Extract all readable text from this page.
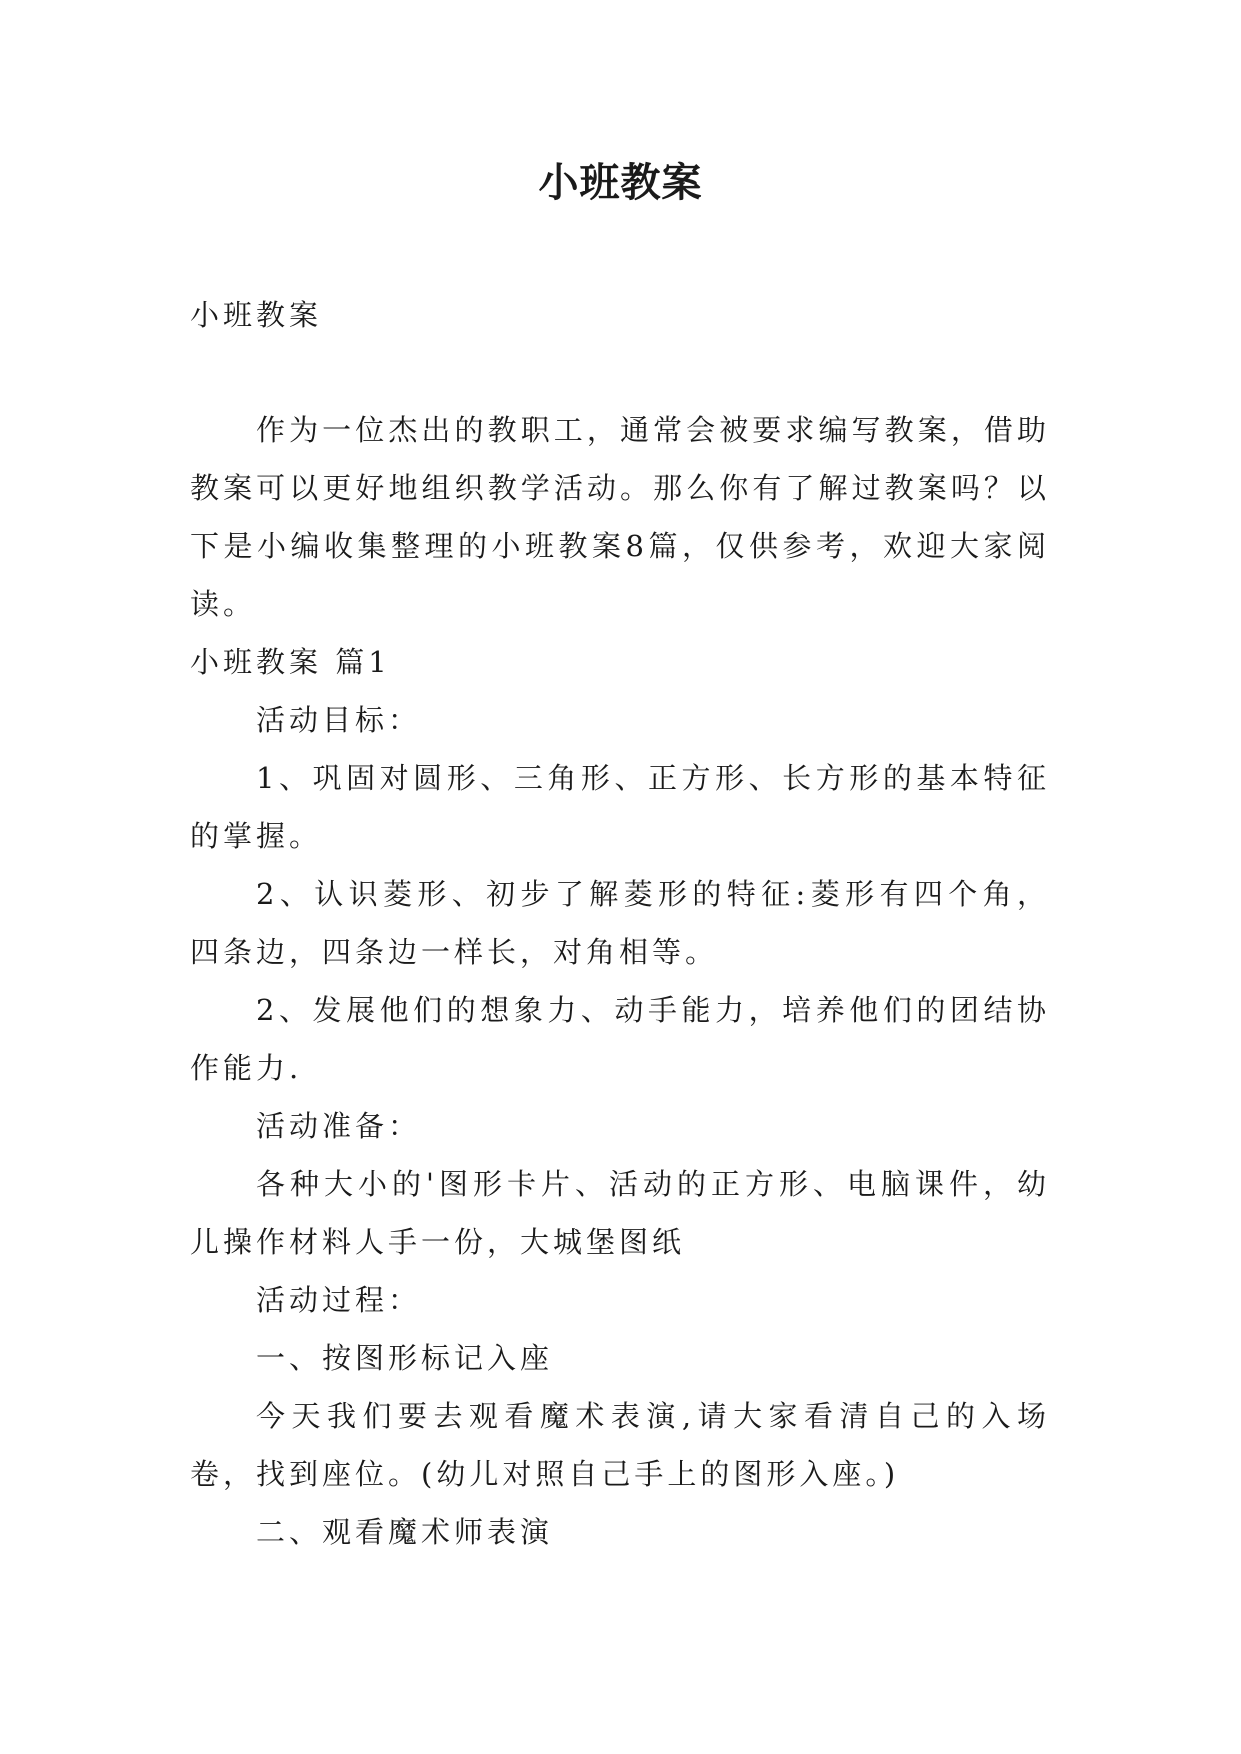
小班教案

小班教案

作为一位杰出的教职工，通常会被要求编写教案，借助教案可以更好地组织教学活动。那么你有了解过教案吗？以下是小编收集整理的小班教案8篇，仅供参考，欢迎大家阅读。

小班教案 篇1

活动目标：

1、巩固对圆形、三角形、正方形、长方形的基本特征的掌握。

2、认识菱形、初步了解菱形的特征:菱形有四个角，四条边，四条边一样长，对角相等。

2、发展他们的想象力、动手能力，培养他们的团结协作能力.

活动准备：

各种大小的'图形卡片、活动的正方形、电脑课件，幼儿操作材料人手一份，大城堡图纸

活动过程：

一、按图形标记入座

今天我们要去观看魔术表演,请大家看清自己的入场卷，找到座位。(幼儿对照自己手上的图形入座。)

二、观看魔术师表演
